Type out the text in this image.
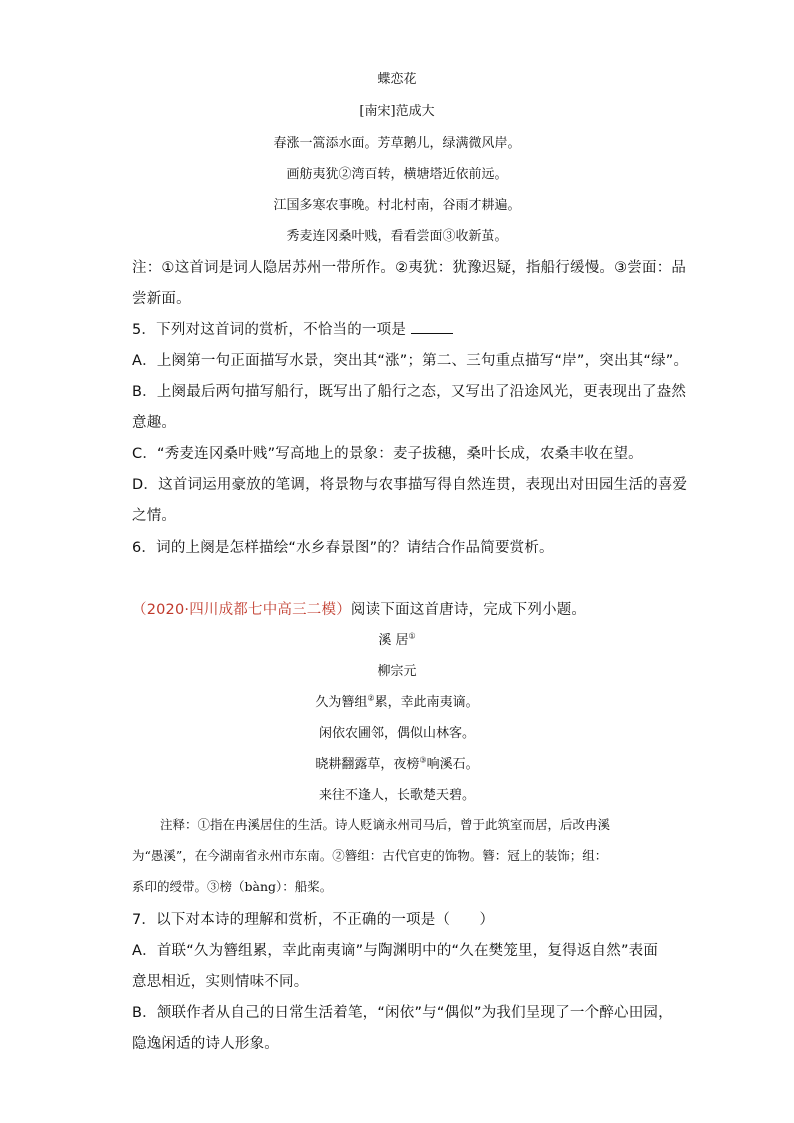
蝶恋花
[南宋]范成大
春涨一篙添水面。芳草鹅儿，绿满微风岸。
画舫夷犹②湾百转，横塘塔近依前远。
江国多寒农事晚。村北村南，谷雨才耕遍。
秀麦连冈桑叶贱，看看尝面③收新茧。
注：①这首词是词人隐居苏州一带所作。②夷犹：犹豫迟疑，指船行缓慢。③尝面：品
尝新面。
5．下列对这首词的赏析，不恰当的一项是
A．上阕第一句正面描写水景，突出其“涨”；第二、三句重点描写“岸”，突出其“绿”。
B．上阕最后两句描写船行，既写出了船行之态，又写出了沿途风光，更表现出了盎然
意趣。
C．“秀麦连冈桑叶贱”写高地上的景象：麦子拔穗，桑叶长成，农桑丰收在望。
D．这首词运用豪放的笔调，将景物与农事描写得自然连贯，表现出对田园生活的喜爱
之情。
6．词的上阕是怎样描绘“水乡春景图”的？请结合作品简要赏析。
（2020·四川成都七中高三二模）阅读下面这首唐诗，完成下列小题。
溪 居①
柳宗元
久为簪组②累，幸此南夷谪。
闲依农圃邻，偶似山林客。
晓耕翻露草，夜榜③响溪石。
来往不逢人，长歌楚天碧。
注释：①指在冉溪居住的生活。诗人贬谪永州司马后，曾于此筑室而居，后改冉溪
为“愚溪”，在今湖南省永州市东南。②簪组：古代官吏的饰物。簪：冠上的装饰；组：
系印的绶带。③榜（bàng）：船桨。
7．以下对本诗的理解和赏析，不正确的一项是（　　）
A．首联“久为簪组累，幸此南夷谪”与陶渊明中的“久在樊笼里，复得返自然”表面
意思相近，实则情味不同。
B．颔联作者从自己的日常生活着笔，“闲依”与“偶似”为我们呈现了一个醉心田园，
隐逸闲适的诗人形象。
